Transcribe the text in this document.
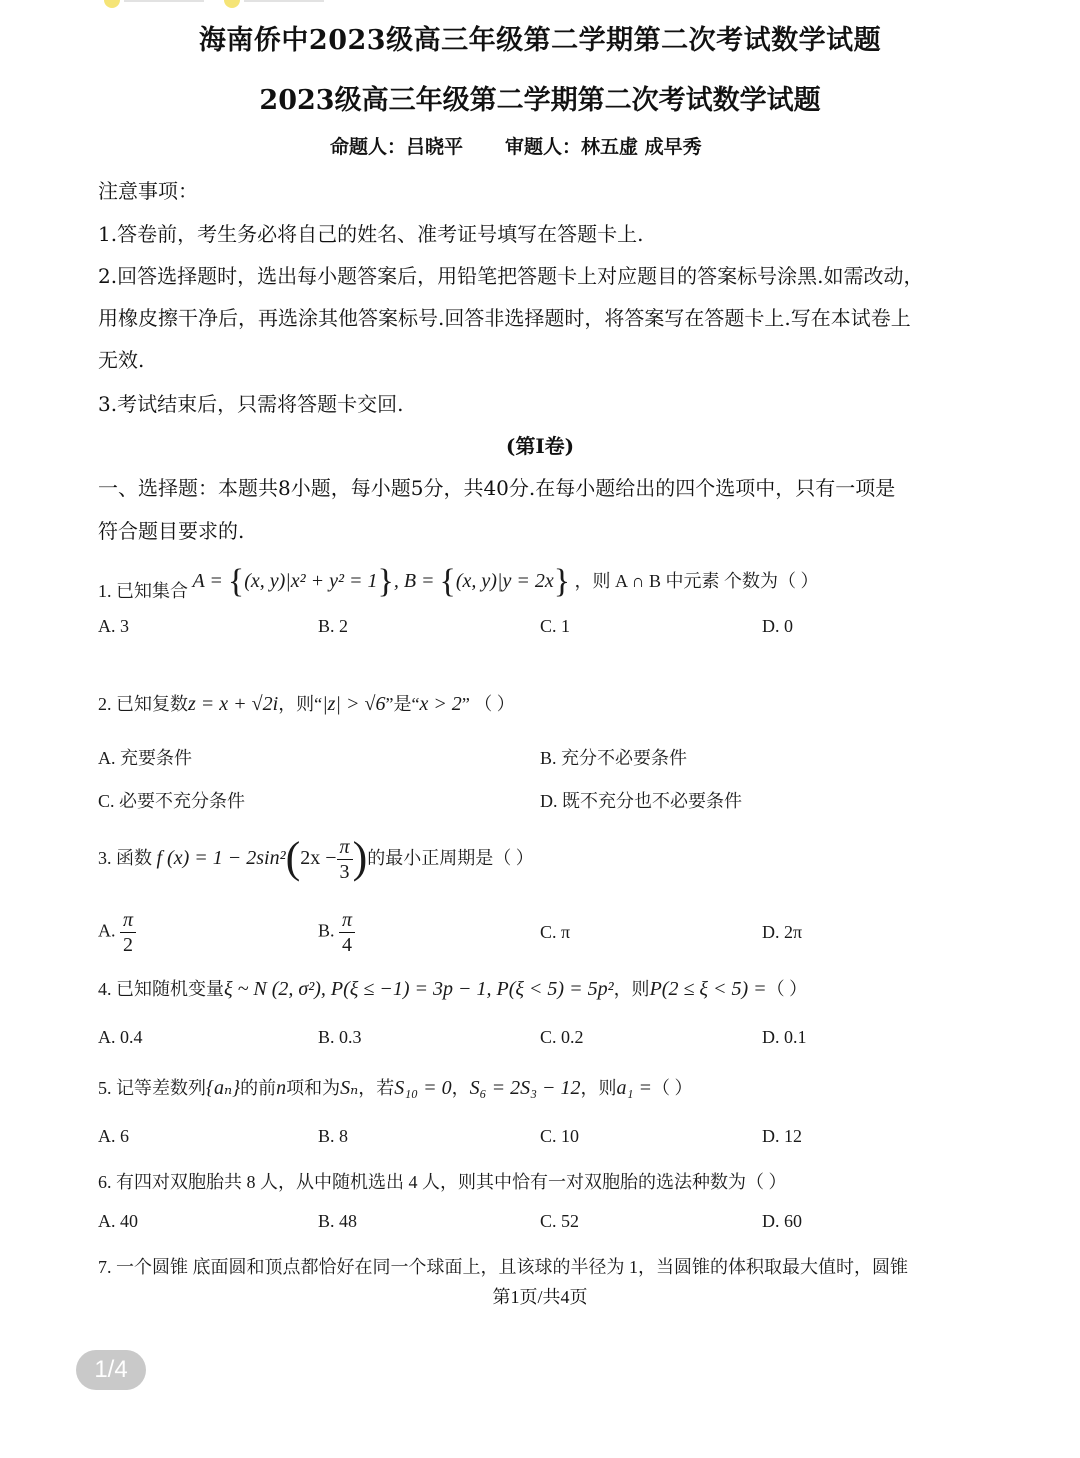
海南侨中2023级高三年级第二学期第二次考试数学试题
2023级高三年级第二学期第二次考试数学试题
命题人：吕晓平 审题人：林五虚 成早秀
注意事项：
1.答卷前，考生务必将自己的姓名、准考证号填写在答题卡上.
2.回答选择题时，选出每小题答案后，用铅笔把答题卡上对应题目的答案标号涂黑.如需改动，
用橡皮擦干净后，再选涂其他答案标号.回答非选择题时，将答案写在答题卡上.写在本试卷上
无效.
3.考试结束后，只需将答题卡交回.
(第Ⅰ卷)
一、选择题：本题共8小题，每小题5分，共40分.在每小题给出的四个选项中，只有一项是
符合题目要求的.
1. 已知集合 A = {(x, y)|x² + y² = 1}, B = {(x, y)|y = 2x} ，则 A ∩ B 中元素 个数为（ ）
A. 3	B. 2	C. 1	D. 0
2. 已知复数z = x + √2i，则“|z| > √6”是“x > 2” （ ）
A. 充要条件	B. 充分不必要条件
C. 必要不充分条件	D. 既不充分也不必要条件
3. 函数 f $(x) = 1 - 2\sin^2(2x - \frac{\pi}{3}$ )的最小正周期是（ ）
A. $\frac{\pi}{2}$	B. $\frac{\pi}{4}$	C. π	D. 2π
4. 已知随机变量ξ ~ N (2, σ²), P(ξ ≤ −1) = 3p − 1, P(ξ < 5) = 5p²，则P(2 ≤ ξ < 5) =（ ）
A. 0.4	B. 0.3	C. 0.2	D. 0.1
5. 记等差数列{aₙ}的前n项和为Sₙ，若S₁₀ = 0，S₆ = 2S₃ − 12，则a₁ =（ ）
A. 6	B. 8	C. 10	D. 12
6. 有四对双胞胎共 8 人，从中随机选出 4 人，则其中恰有一对双胞胎的选法种数为（ ）
A. 40	B. 48	C. 52	D. 60
7. 一个圆锥 底面圆和顶点都恰好在同一个球面上，且该球的半径为 1，当圆锥的体积取最大值时，圆锥
第1页/共4页
1/4
